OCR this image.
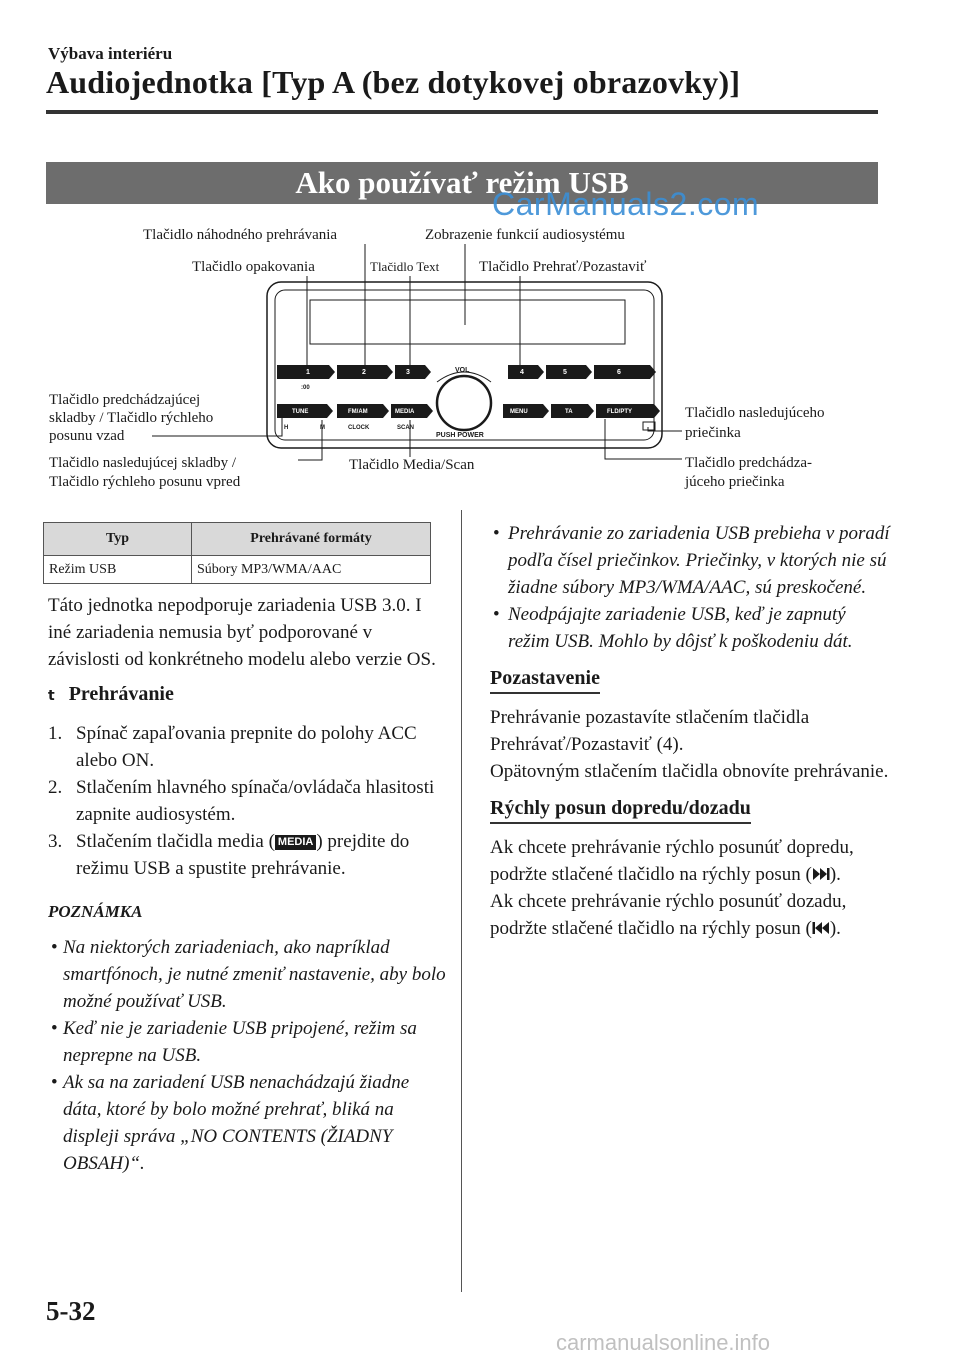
Výbava interiéru
Audiojednotka [Typ A (bez dotykovej obrazovky)]
Ako používať režim USB
CarManuals2.com
Tlačidlo náhodného prehrávania	Zobrazenie funkcií audiosystému
Tlačidlo opakovania	Tlačidlo Text	Tlačidlo Prehrať/Pozastaviť
Tlačidlo predchádzajúcej
skladby / Tlačidlo rýchleho
posunu vzad
Tlačidlo nasledujúceho
priečinka
Tlačidlo nasledujúcej skladby /
Tlačidlo rýchleho posunu vpred
Tlačidlo Media/Scan	Tlačidlo predchádza-
júceho priečinka
1
:00
2	3	4	5	6
TUNE	FM/AM	MEDIA	MENU	TA	FLD/PTY
H	M	CLOCK	SCAN
PUSH POWER
VOL
Typ	Prehrávané formáty
Režim USB	Súbory MP3/WMA/AAC

Táto jednotka nepodporuje zariadenia USB 3.0. I iné zariadenia nemusia byť podporované v závislosti od konkrétneho modelu alebo verzie OS.

t Prehrávanie

1. Spínač zapaľovania prepnite do polohy ACC alebo ON.

2. Stlačením hlavného spínača/ovládača hlasitosti zapnite audiosystém.

3. Stlačením tlačidla media ( MEDIA ) prejdite do režimu USB a spustite prehrávanie.

POZNÁMKA

• Na niektorých zariadeniach, ako napríklad smartfónoch, je nutné zmeniť nastavenie, aby bolo možné používať USB.

• Keď nie je zariadenie USB pripojené, režim sa neprepne na USB.

• Ak sa na zariadení USB nenachádzajú žiadne dáta, ktoré by bolo možné prehrať, bliká na displeji správa „NO CONTENTS (ŽIADNY OBSAH)“.

• Prehrávanie zo zariadenia USB prebieha v poradí podľa čísel priečinkov. Priečinky, v ktorých nie sú žiadne súbory MP3/WMA/AAC, sú preskočené.

• Neodpájajte zariadenie USB, keď je zapnutý režim USB. Mohlo by dôjsť k poškodeniu dát.

Pozastavenie

Prehrávanie pozastavíte stlačením tlačidla Prehrávať/Pozastaviť (4).

Opätovným stlačením tlačidla obnovíte prehrávanie.

Rýchly posun dopredu/dozadu

Ak chcete prehrávanie rýchlo posunúť dopredu, podržte stlačené tlačidlo na rýchly posun ( ).

Ak chcete prehrávanie rýchlo posunúť dozadu, podržte stlačené tlačidlo na rýchly posun ( ).

5-32
carmanualsonline.info
